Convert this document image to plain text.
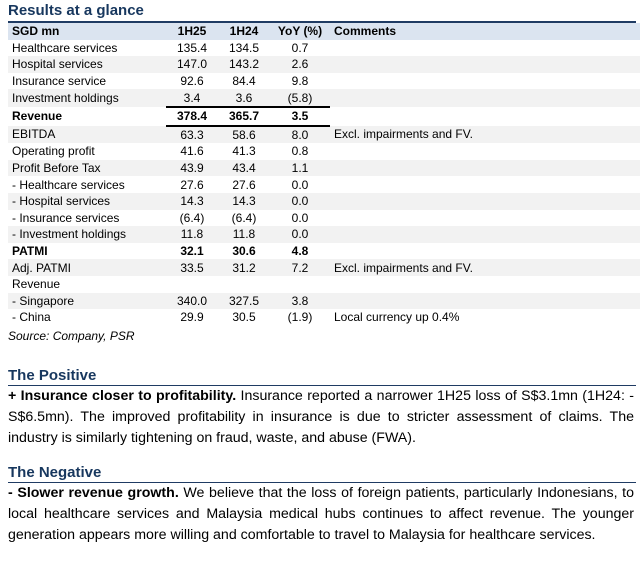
Results at a glance
SGD mn	1H25	1H24	YoY (%)	Comments
Healthcare services	135.4	134.5	0.7	
Hospital services	147.0	143.2	2.6	
Insurance service	92.6	84.4	9.8	
Investment holdings	3.4	3.6	(5.8)	
Revenue	378.4	365.7	3.5	
EBITDA	63.3	58.6	8.0	Excl. impairments and FV.
Operating profit	41.6	41.3	0.8	
Profit Before Tax	43.9	43.4	1.1	
- Healthcare services	27.6	27.6	0.0	
- Hospital services	14.3	14.3	0.0	
- Insurance services	(6.4)	(6.4)	0.0	
- Investment holdings	11.8	11.8	0.0	
PATMI	32.1	30.6	4.8	
Adj. PATMI	33.5	31.2	7.2	Excl. impairments and FV.
Revenue				
- Singapore	340.0	327.5	3.8	
- China	29.9	30.5	(1.9)	Local currency up 0.4%
Source: Company, PSR
The Positive
+ Insurance closer to profitability. Insurance reported a narrower 1H25 loss of S$3.1mn (1H24: -S$6.5mn). The improved profitability in insurance is due to stricter assessment of claims. The industry is similarly tightening on fraud, waste, and abuse (FWA).
The Negative
- Slower revenue growth. We believe that the loss of foreign patients, particularly Indonesians, to local healthcare services and Malaysia medical hubs continues to affect revenue. The younger generation appears more willing and comfortable to travel to Malaysia for healthcare services.
